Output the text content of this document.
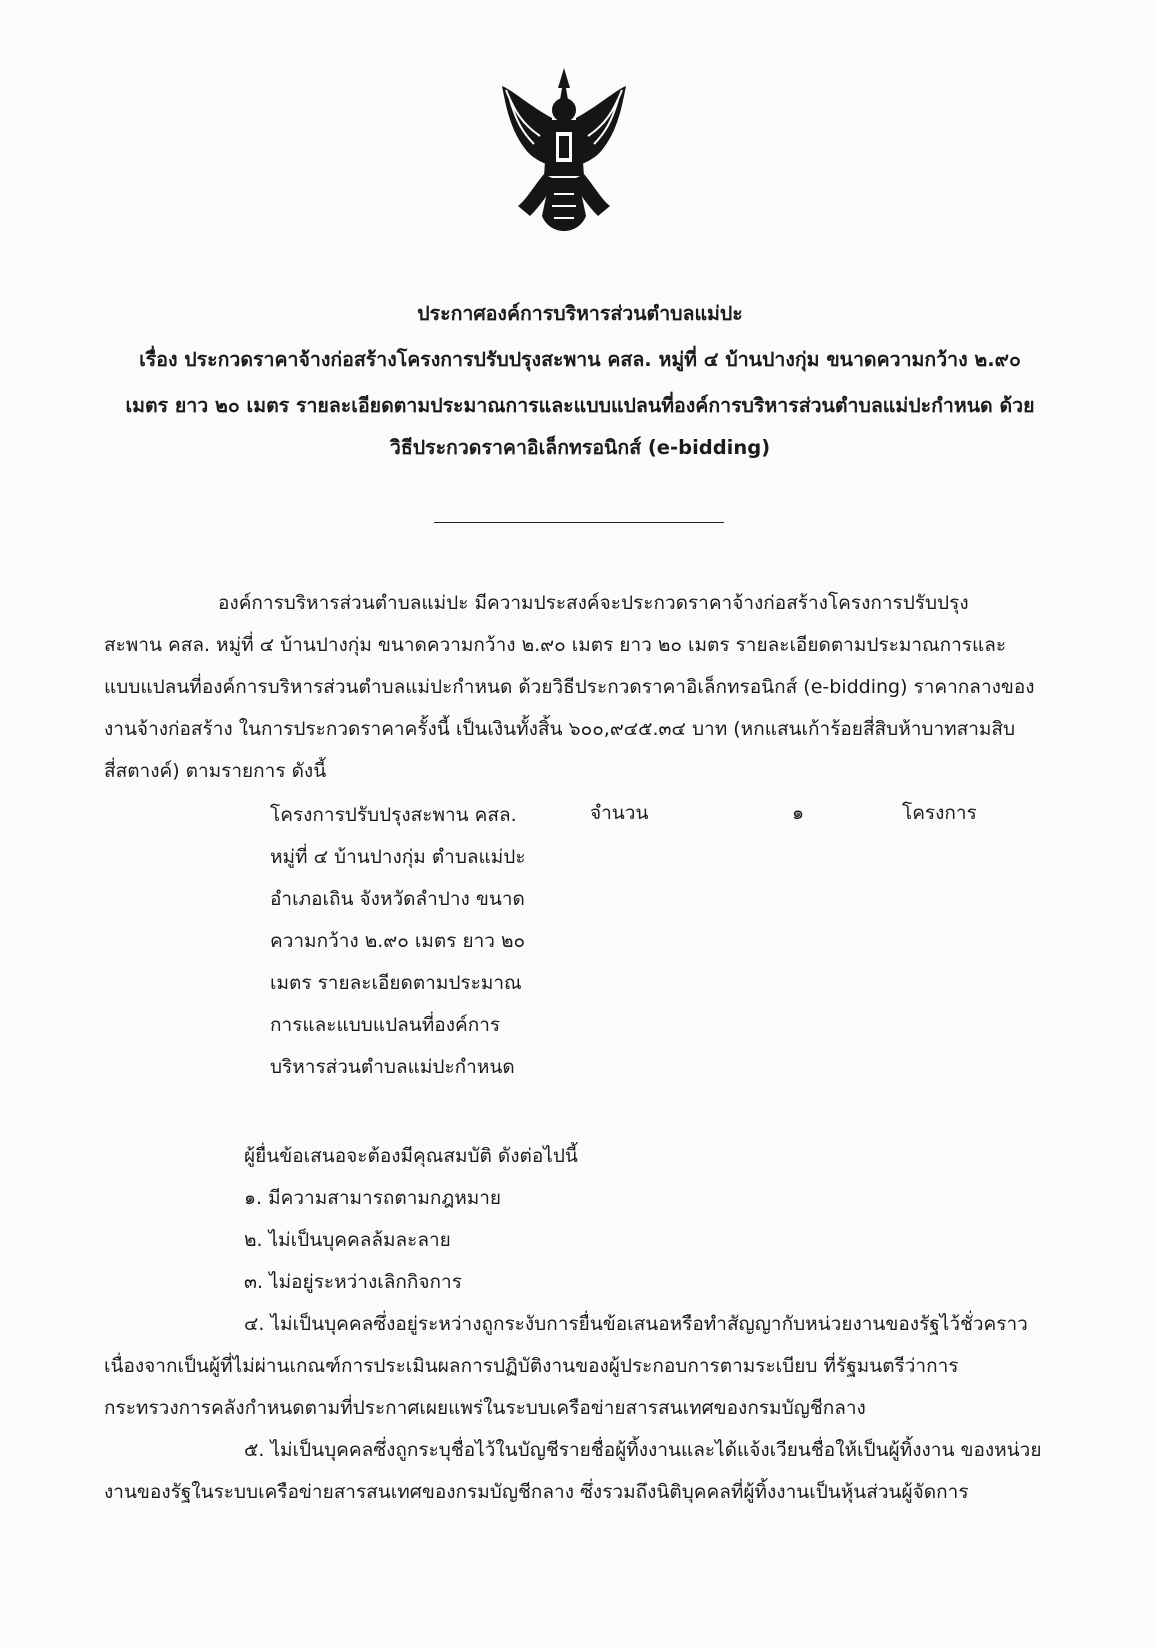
ประกาศองค์การบริหารส่วนตำบลแม่ปะ
เรื่อง ประกวดราคาจ้างก่อสร้างโครงการปรับปรุงสะพาน คสล. หมู่ที่ ๔ บ้านปางกุ่ม ขนาดความกว้าง ๒.๙๐
เมตร ยาว ๒๐ เมตร รายละเอียดตามประมาณการและแบบแปลนที่องค์การบริหารส่วนตำบลแม่ปะกำหนด ด้วย
วิธีประกวดราคาอิเล็กทรอนิกส์ (e-bidding)
องค์การบริหารส่วนตำบลแม่ปะ มีความประสงค์จะประกวดราคาจ้างก่อสร้างโครงการปรับปรุง
สะพาน คสล. หมู่ที่ ๔ บ้านปางกุ่ม ขนาดความกว้าง ๒.๙๐ เมตร ยาว ๒๐ เมตร รายละเอียดตามประมาณการและ
แบบแปลนที่องค์การบริหารส่วนตำบลแม่ปะกำหนด ด้วยวิธีประกวดราคาอิเล็กทรอนิกส์ (e-bidding) ราคากลางของ
งานจ้างก่อสร้าง ในการประกวดราคาครั้งนี้ เป็นเงินทั้งสิ้น ๖๐๐,๙๔๕.๓๔ บาท (หกแสนเก้าร้อยสี่สิบห้าบาทสามสิบ
สี่สตางค์) ตามรายการ ดังนี้
โครงการปรับปรุงสะพาน คสล.
หมู่ที่ ๔ บ้านปางกุ่ม ตำบลแม่ปะ
อำเภอเถิน จังหวัดลำปาง ขนาด
ความกว้าง ๒.๙๐ เมตร ยาว ๒๐
เมตร รายละเอียดตามประมาณ
การและแบบแปลนที่องค์การ
บริหารส่วนตำบลแม่ปะกำหนด
จำนวน	๑	โครงการ
ผู้ยื่นข้อเสนอจะต้องมีคุณสมบัติ ดังต่อไปนี้
๑. มีความสามารถตามกฎหมาย
๒. ไม่เป็นบุคคลล้มละลาย
๓. ไม่อยู่ระหว่างเลิกกิจการ
๔. ไม่เป็นบุคคลซึ่งอยู่ระหว่างถูกระงับการยื่นข้อเสนอหรือทำสัญญากับหน่วยงานของรัฐไว้ชั่วคราว
เนื่องจากเป็นผู้ที่ไม่ผ่านเกณฑ์การประเมินผลการปฏิบัติงานของผู้ประกอบการตามระเบียบ ที่รัฐมนตรีว่าการ
กระทรวงการคลังกำหนดตามที่ประกาศเผยแพร่ในระบบเครือข่ายสารสนเทศของกรมบัญชีกลาง
๕. ไม่เป็นบุคคลซึ่งถูกระบุชื่อไว้ในบัญชีรายชื่อผู้ทิ้งงานและได้แจ้งเวียนชื่อให้เป็นผู้ทิ้งงาน ของหน่วย
งานของรัฐในระบบเครือข่ายสารสนเทศของกรมบัญชีกลาง ซึ่งรวมถึงนิติบุคคลที่ผู้ทิ้งงานเป็นหุ้นส่วนผู้จัดการ
